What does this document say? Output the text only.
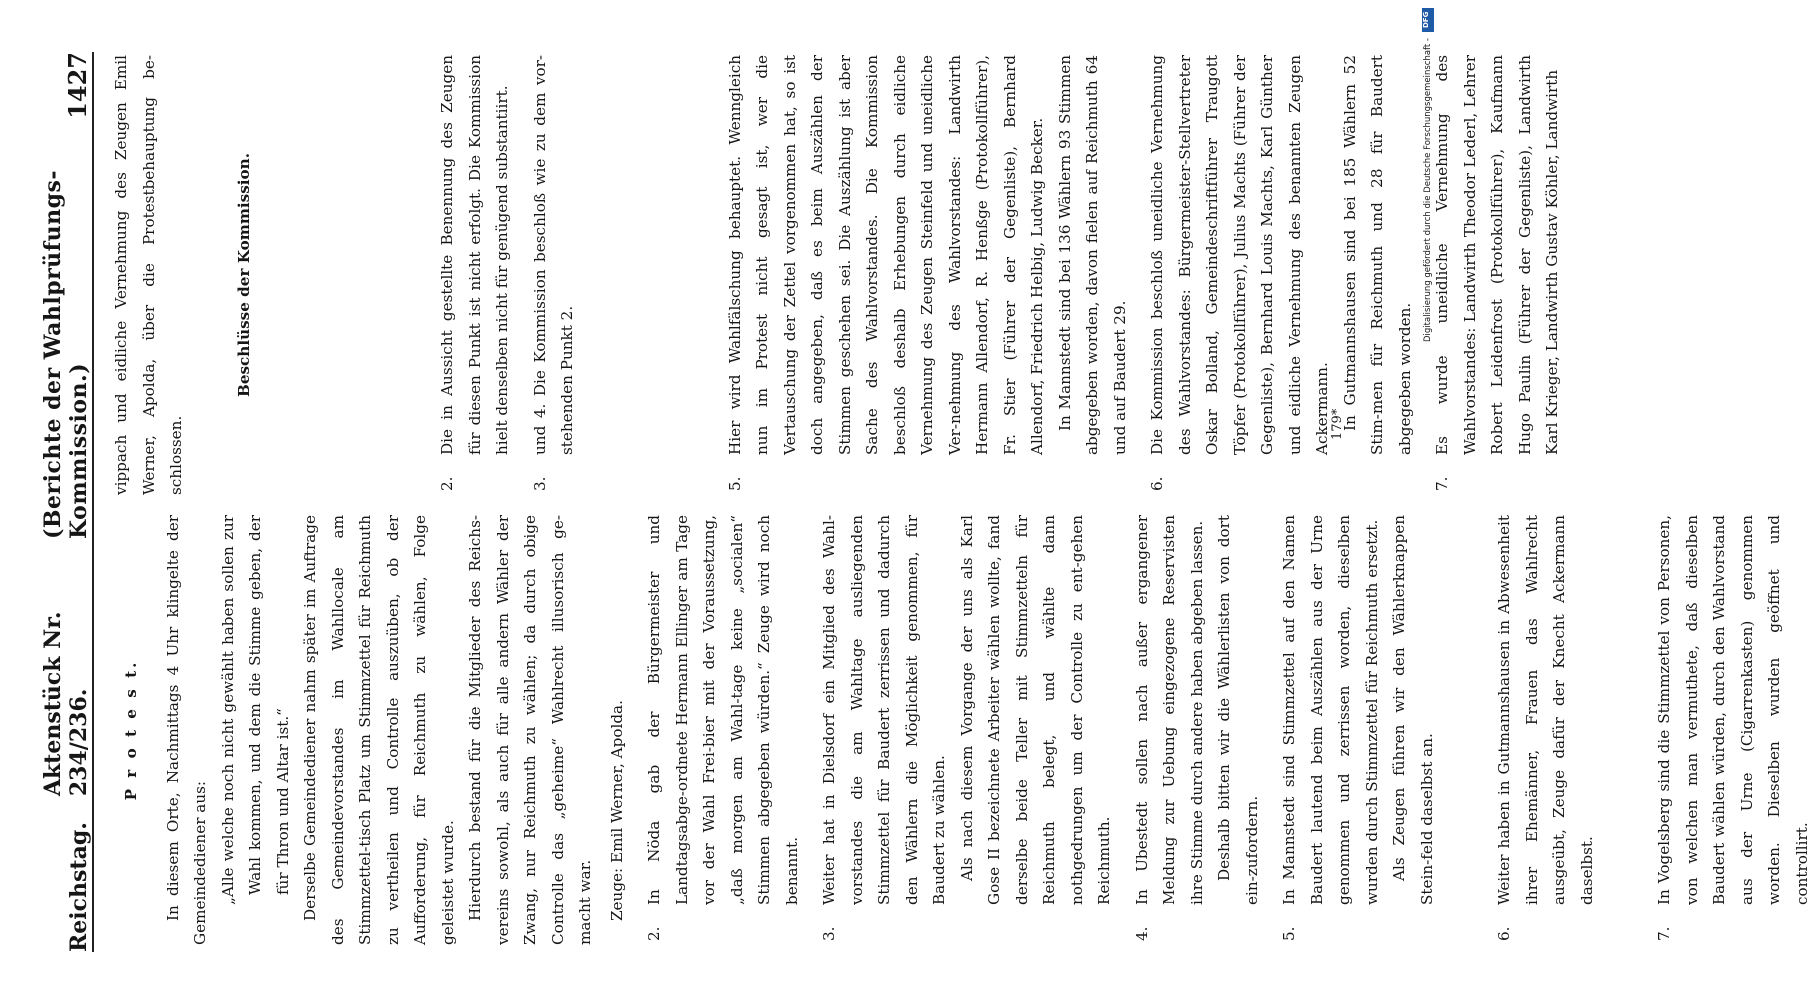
Reichstag.
Aktenstück Nr. 234/236.
(Berichte der Wahlprüfungs-Kommission.)
1427
P r o t e s t.	In diesem Orte, Nachmittags 4 Uhr klingelte der Gemeindediener aus: „Alle welche noch nicht gewählt haben sollen zur Wahl kommen, und dem die Stimme geben, der für Thron und Altar ist.“ Derselbe Gemeindediener nahm später im Auftrage des Gemeindevorstandes im Wahllocale am Stimmzettel-tisch Platz um Stimmzettel für Reichmuth zu vertheilen und Controlle auszuüben, ob der Aufforderung, für Reichmuth zu wählen, Folge geleistet wurde. Hierdurch bestand für die Mitglieder des Reichs-vereins sowohl, als auch für alle andern Wähler der Zwang, nur Reichmuth zu wählen; da durch obige Controlle das „geheime“ Wahlrecht illusorisch ge-macht war. Zeuge: Emil Werner, Apolda.

2.

In Nöda gab der Bürgermeister und Landtagsabge-ordnete Hermann Ellinger am Tage vor der Wahl Frei-bier mit der Voraussetzung, „daß morgen am Wahl-tage keine „socialen“ Stimmen abgegeben würden.“ Zeuge wird noch benannt.

3.

Weiter hat in Dielsdorf ein Mitglied des Wahl-vorstandes die am Wahltage ausliegenden Stimmzettel für Baudert zerrissen und dadurch den Wählern die Möglichkeit genommen, für Baudert zu wählen. Als nach diesem Vorgange der uns als Karl Gose II bezeichnete Arbeiter wählen wollte, fand derselbe beide Teller mit Stimmzetteln für Reichmuth belegt, und wählte dann nothgedrungen um der Controlle zu ent-gehen Reichmuth.

4.

In Ubestedt sollen nach außer ergangener Meldung zur Uebung eingezogene Reservisten ihre Stimme durch andere haben abgeben lassen. Deshalb bitten wir die Wählerlisten von dort ein-zufordern.

5.

In Mannstedt sind Stimmzettel auf den Namen Baudert lautend beim Auszählen aus der Urne genommen und zerrissen worden, dieselben wurden durch Stimmzettel für Reichmuth ersetzt. Als Zeugen führen wir den Wählerknappen Stein-feld daselbst an.

6.

Weiter haben in Gutmannshausen in Abwesenheit ihrer Ehemänner, Frauen das Wahlrecht ausgeübt, Zeuge dafür der Knecht Ackermann daselbst.

7.

In Vogelsberg sind die Stimmzettel von Personen, von welchen man vermuthete, daß dieselben Baudert wählen würden, durch den Wahlvorstand aus der Urne (Cigarrenkasten) genommen worden. Dieselben wurden geöffnet und controllirt.

vippach und eidliche Vernehmung des Zeugen Emil Werner, Apolda, über die Protestbehauptung be-schlossen.

Beschlüsse der Kommission.
2.

Die in Aussicht gestellte Benennung des Zeugen für diesen Punkt ist nicht erfolgt. Die Kommission hielt denselben nicht für genügend substantiirt.

3.

und 4. Die Kommission beschloß wie zu dem vor-stehenden Punkt 2.

5.

Hier wird Wahlfälschung behauptet. Wenngleich nun im Protest nicht gesagt ist, wer die Vertauschung der Zettel vorgenommen hat, so ist doch angegeben, daß es beim Auszählen der Stimmen geschehen sei. Die Auszählung ist aber Sache des Wahlvorstandes. Die Kommission beschloß deshalb Erhebungen durch eidliche Vernehmung des Zeugen Steinfeld und uneidliche Ver-nehmung des Wahlvorstandes: Landwirth Hermann Allendorf, R. Henßge (Protokollführer), Fr. Stier (Führer der Gegenliste), Bernhard Allendorf, Friedrich Helbig, Ludwig Becker. In Mannstedt sind bei 136 Wählern 93 Stimmen abgegeben worden, davon fielen auf Reichmuth 64 und auf Baudert 29.

6.

Die Kommission beschloß uneidliche Vernehmung des Wahlvorstandes: Bürgermeister-Stellvertreter Oskar Bolland, Gemeindeschriftführer Traugott Töpfer (Protokollführer), Julius Machts (Führer der Gegenliste), Bernhard Louis Machts, Karl Günther und eidliche Vernehmung des benannten Zeugen Ackermann. In Gutmannshausen sind bei 185 Wählern 52 Stim-men für Reichmuth und 28 für Baudert abgegeben worden.

7.

Es wurde uneidliche Vernehmung des Wahlvorstandes: Landwirth Theodor Lederl, Lehrer Robert Leidenfrost (Protokollführer), Kaufmann Hugo Paulin (Führer der Gegenliste), Landwirth Karl Krieger, Landwirth Gustav Köhler, Landwirth

179*
DFG
Digitalisierung gefördert durch die Deutsche Forschungsgemeinschaft -
